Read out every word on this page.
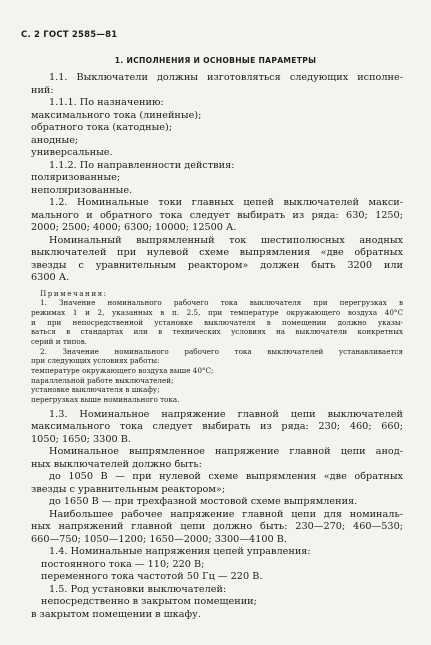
С. 2 ГОСТ 2585—81
1. ИСПОЛНЕНИЯ И ОСНОВНЫЕ ПАРАМЕТРЫ
1.1. Выключатели должны изготовляться следующих исполне-
ний:
1.1.1. По назначению:
максимального тока (линейные);
обратного тока (катодные);
анодные;
универсальные.
1.1.2. По направленности действия:
поляризованные;
неполяризованные.
1.2. Номинальные токи главных цепей выключателей макси-
мального и обратного тока следует выбирать из ряда: 630; 1250;
2000; 2500; 4000; 6300; 10000; 12500 А.
Номинальный выпрямленный ток шестиполюсных анодных
выключателей при нулевой схеме выпрямления «две обратных
звезды с уравнительным реактором» должен быть 3200 или
6300 А.
Примечания:
1. Значение номинального рабочего тока выключателя при перегрузках в
режимах 1 и 2, указанных в п. 2.5, при температуре окружающего воздуха 40°С
и при непосредственной установке выключателя в помещении должно указы-
ваться в стандартах или в технических условиях на выключатели конкретных
серий и типов.
2. Значение номинального рабочего тока выключателей устанавливается
при следующих условиях работы:
температуре окружающего воздуха выше 40°С;
параллельной работе выключателей;
установке выключателя в шкафу;
перегрузках выше номинального тока.
1.3. Номинальное напряжение главной цепи выключателей
максимального тока следует выбирать из ряда: 230; 460; 660;
1050; 1650; 3300 В.
Номинальное выпрямленное напряжение главной цепи анод-
ных выключателей должно быть:
до 1050 В — при нулевой схеме выпрямления «две обратных
звезды с уравнительным реактором»;
до 1650 В — при трехфазной мостовой схеме выпрямления.
Наибольшее рабочее напряжение главной цепи для номиналь-
ных напряжений главной цепи должно быть: 230—270; 460—530;
660—750; 1050—1200; 1650—2000; 3300—4100 В.
1.4. Номинальные напряжения цепей управления:
постоянного тока — 110; 220 В;
переменного тока частотой 50 Гц — 220 В.
1.5. Род установки выключателей:
непосредственно в закрытом помещении;
в закрытом помещении в шкафу.
